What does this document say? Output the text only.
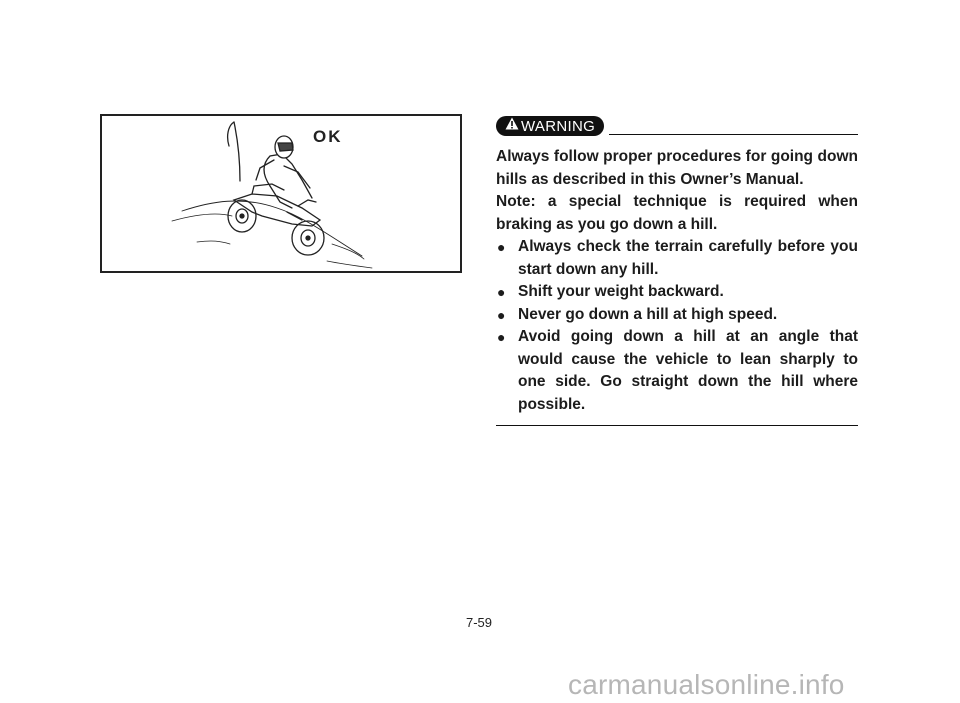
OK
WARNING

Always follow proper procedures for going down hills as described in this Owner’s Manual.

Note: a special technique is required when braking as you go down a hill.

● Always check the terrain carefully before you start down any hill.
● Shift your weight backward.
● Never go down a hill at high speed.
● Avoid going down a hill at an angle that would cause the vehicle to lean sharply to one side. Go straight down the hill where possible.
7-59
carmanualsonline.info
